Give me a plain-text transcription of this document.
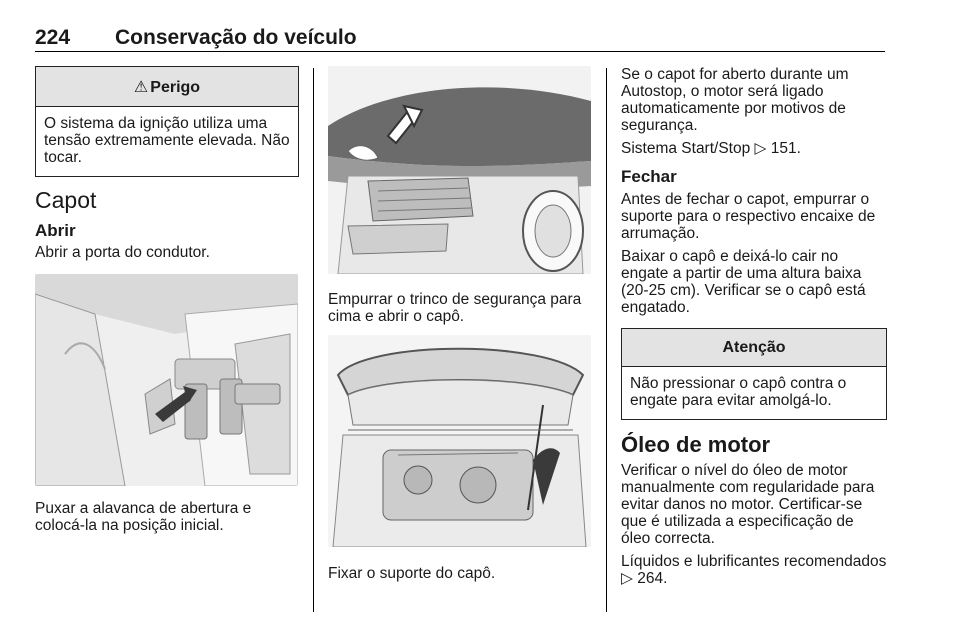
224 Conservação do veículo
⚠ Perigo
O sistema da ignição utiliza uma tensão extremamente elevada. Não tocar.
Capot
Abrir

Abrir a porta do condutor.

Puxar a alavanca de abertura e colocá-la na posição inicial.

Empurrar o trinco de segurança para cima e abrir o capô.

Fixar o suporte do capô.

Se o capot for aberto durante um Autostop, o motor será ligado automaticamente por motivos de segurança.

Sistema Start/Stop ▷ 151.

Fechar

Antes de fechar o capot, empurrar o suporte para o respectivo encaixe de arrumação.

Baixar o capô e deixá-lo cair no engate a partir de uma altura baixa (20-25 cm). Verificar se o capô está engatado.

Atenção
Não pressionar o capô contra o engate para evitar amolgá-lo.
Óleo de motor

Verificar o nível do óleo de motor manualmente com regularidade para evitar danos no motor. Certificar-se que é utilizada a especificação de óleo correcta.

Líquidos e lubrificantes recomendados ▷ 264.
